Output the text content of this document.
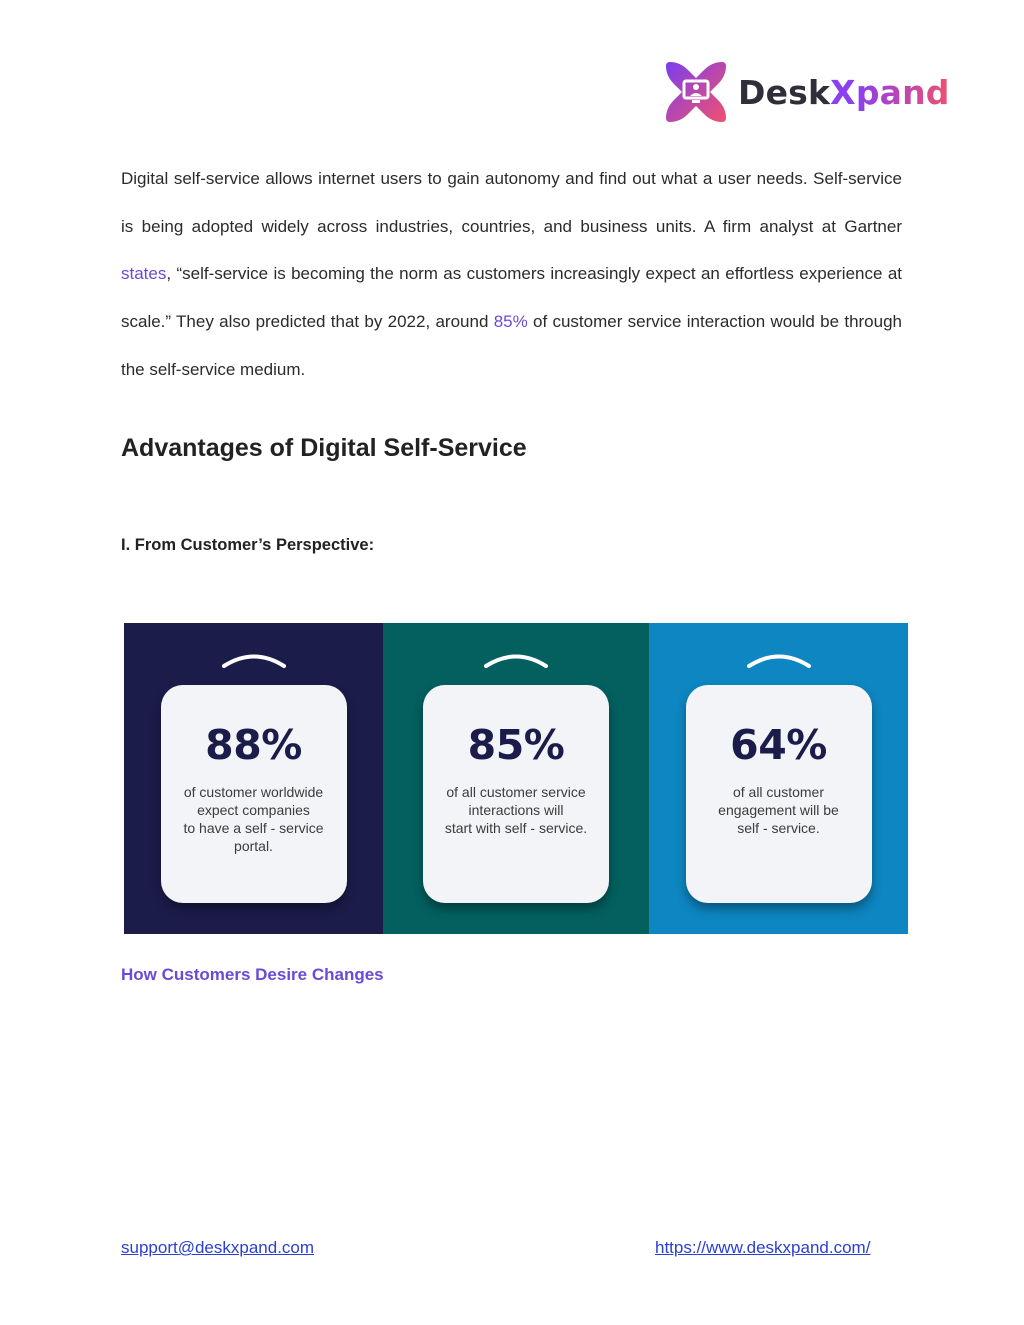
DeskXpand
Digital self-service allows internet users to gain autonomy and find out what a user needs. Self-service is being adopted widely across industries, countries, and business units. A firm analyst at Gartner states, “self-service is becoming the norm as customers increasingly expect an effortless experience at scale.” They also predicted that by 2022, around 85% of customer service interaction would be through the self-service medium.
Advantages of Digital Self-Service
I. From Customer’s Perspective:
88%
of customer worldwide
expect companies
to have a self - service
portal.
85%
of all customer service
interactions will
start with self - service.
64%
of all customer
engagement will be
self - service.
How Customers Desire Changes
support@deskxpand.com	https://www.deskxpand.com/
